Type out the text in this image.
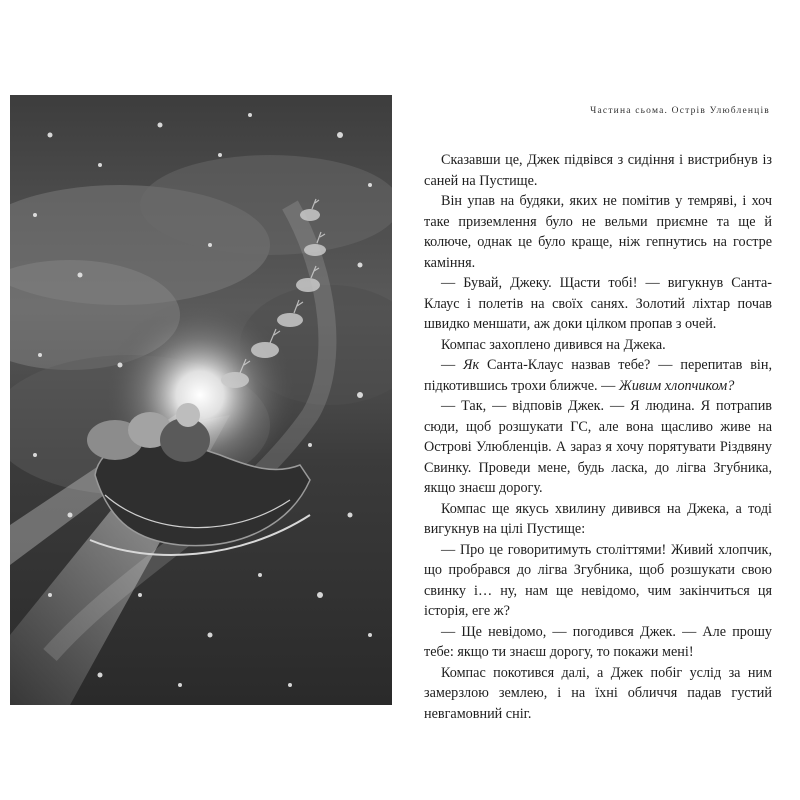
Частина сьома. Острів Улюбленців

Сказавши це, Джек підвівся з сидіння і вистрибнув із саней на Пустище.

Він упав на будяки, яких не помітив у темряві, і хоч таке приземлення було не вельми приємне та ще й колюче, однак це було краще, ніж гепнутись на гостре каміння.

— Бувай, Джеку. Щасти тобі! — вигукнув Санта-Клаус і полетів на своїх санях. Золотий ліхтар почав швидко меншати, аж доки цілком пропав з очей.

Компас захоплено дивився на Джека.

— Як Санта-Клаус назвав тебе? — перепитав він, підкотившись трохи ближче. — Живим хлопчиком?

— Так, — відповів Джек. — Я людина. Я потрапив сюди, щоб розшукати ГС, але вона щасливо живе на Острові Улюбленців. А зараз я хочу порятувати Різдвяну Свинку. Проведи мене, будь ласка, до лігва Згубника, якщо знаєш дорогу.

Компас ще якусь хвилину дивився на Джека, а тоді вигукнув на цілі Пустище:

— Про це говоритимуть століттями! Живий хлопчик, що пробрався до лігва Згубника, щоб розшукати свою свинку і… ну, нам ще невідомо, чим закінчиться ця історія, еге ж?

— Ще невідомо, — погодився Джек. — Але прошу тебе: якщо ти знаєш дорогу, то покажи мені!

Компас покотився далі, а Джек побіг услід за ним замерзлою землею, і на їхні обличчя падав густий невгамовний сніг.
